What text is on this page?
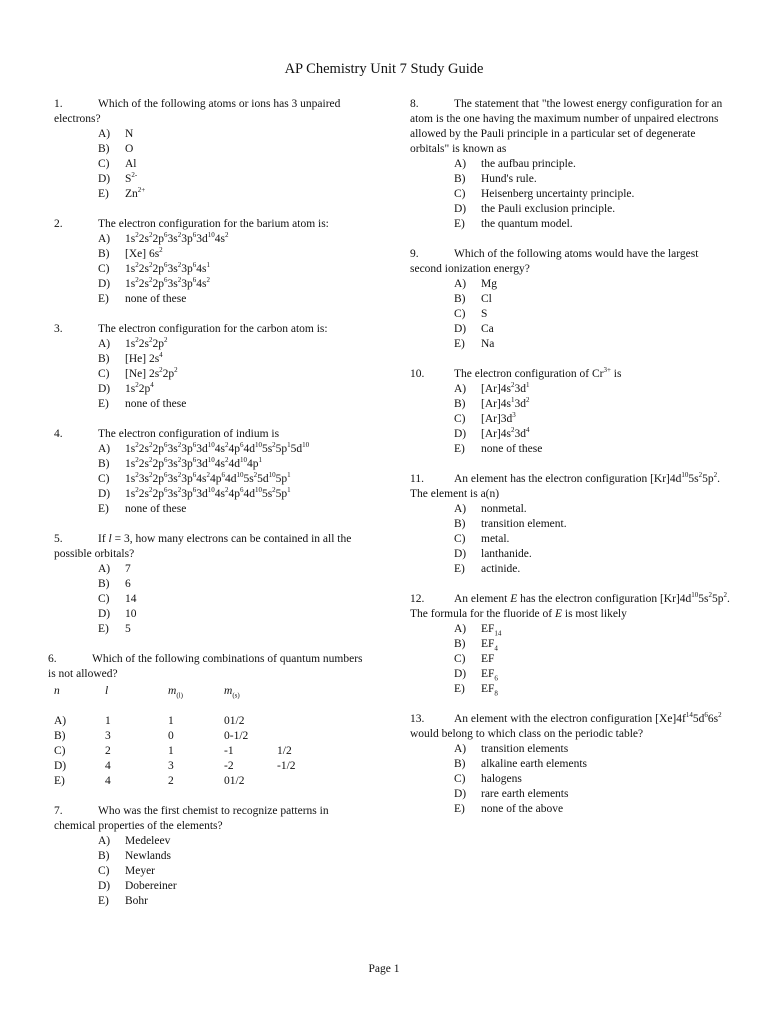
AP Chemistry Unit 7 Study Guide

1.	Which of the following atoms or ions has 3 unpaired electrons?

A) N
B) O
C) Al
D) $S^{2-}$
E) $Zn^{2+}$

2.	The electron configuration for the barium atom is:

A) $1s^22s^22p^63s^23p^63d^{10}4s^2$
B) [Xe] $6s^2$
C) $1s^22s^22p^63s^23p^64s^1$
D) $1s^22s^22p^63s^23p^64s^2$
E) none of these

3.	The electron configuration for the carbon atom is:

A) $1s^22s^22p^2$
B) [He] $2s^4$
C) [Ne] $2s^22p^2$
D) $1s^22p^4$
E) none of these

4.	The electron configuration of indium is

A) $1s^22s^22p^63s^23p^63d^{10}4s^24p^64d^{10}5s^25p^15d^{10}$
B) $1s^22s^22p^63s^23p^63d^{10}4s^24d^{10}4p^1$
C) $1s^23s^22p^63s^23p^64s^24p^64d^{10}5s^25d^{10}5p^1$
D) $1s^22s^22p^63s^23p^63d^{10}4s^24p^64d^{10}5s^25p^1$
E) none of these

5.	If l = 3, how many electrons can be contained in all the possible orbitals?

A) 7
B) 6
C) 14
D) 10
E) 5

6.	Which of the following combinations of quantum numbers is not allowed?

n	l	$m_{(l)}$	$m_{(s)}$
A)	1	1	01/2
B)	3	0	0-1/2
C)	2	1	-1	1/2
D)	4	3	-2	-1/2
E)	4	2	01/2

7.	Who was the first chemist to recognize patterns in chemical properties of the elements?

A) Medeleev
B) Newlands
C) Meyer
D) Dobereiner
E) Bohr

8.	The statement that "the lowest energy configuration for an atom is the one having the maximum number of unpaired electrons allowed by the Pauli principle in a particular set of degenerate orbitals" is known as

A) the aufbau principle.
B) Hund's rule.
C) Heisenberg uncertainty principle.
D) the Pauli exclusion principle.
E) the quantum model.

9.	Which of the following atoms would have the largest second ionization energy?

A) Mg
B) Cl
C) S
D) Ca
E) Na

10.	The electron configuration of $Cr^{3+}$ is

A) $[Ar]4s^23d^1$
B) $[Ar]4s^13d^2$
C) $[Ar]3d^3$
D) $[Ar]4s^23d^4$
E) none of these

11.	An element has the electron configuration $[Kr]4d^{10}5s^25p^2$. The element is a(n)

A) nonmetal.
B) transition element.
C) metal.
D) lanthanide.
E) actinide.

12.	An element E has the electron configuration $[Kr]4d^{10}5s^25p^2$. The formula for the fluoride of E is most likely

A) $EF_{14}$
B) $EF_4$
C) EF
D) $EF_6$
E) $EF_8$

13.	An element with the electron configuration $[Xe]4f^{14}5d^66s^2$ would belong to which class on the periodic table?

A) transition elements
B) alkaline earth elements
C) halogens
D) rare earth elements
E) none of the above
Page 1
